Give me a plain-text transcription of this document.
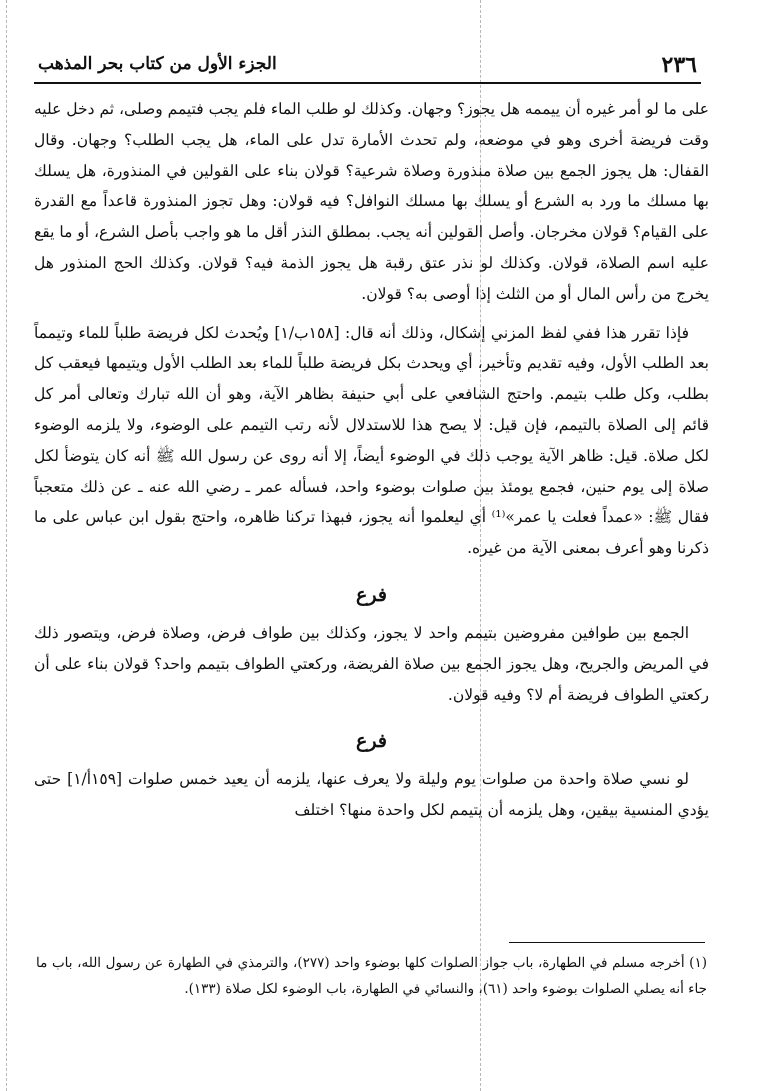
٢٣٦
الجزء الأول من كتاب بحر المذهب

على ما لو أمر غيره أن ييممه هل يجوز؟ وجهان. وكذلك لو طلب الماء فلم يجب فتيمم وصلى، ثم دخل عليه وقت فريضة أخرى وهو في موضعه، ولم تحدث الأمارة تدل على الماء، هل يجب الطلب؟ وجهان. وقال القفال: هل يجوز الجمع بين صلاة منذورة وصلاة شرعية؟ قولان بناء على القولين في المنذورة، هل يسلك بها مسلك ما ورد به الشرع أو يسلك بها مسلك النوافل؟ فيه قولان: وهل تجوز المنذورة قاعداً مع القدرة على القيام؟ قولان مخرجان. وأصل القولين أنه يجب. بمطلق النذر أقل ما هو واجب بأصل الشرع، أو ما يقع عليه اسم الصلاة، قولان. وكذلك لو نذر عتق رقبة هل يجوز الذمة فيه؟ قولان. وكذلك الحج المنذور هل يخرج من رأس المال أو من الثلث إذا أوصى به؟ قولان.

فإذا تقرر هذا ففي لفظ المزني إشكال، وذلك أنه قال: [١٥٨ب/١] ويُحدث لكل فريضة طلباً للماء وتيمماً بعد الطلب الأول، وفيه تقديم وتأخير، أي ويحدث بكل فريضة طلباً للماء بعد الطلب الأول ويتيمها فيعقب كل بطلب، وكل طلب بتيمم. واحتج الشافعي على أبي حنيفة بظاهر الآية، وهو أن الله تبارك وتعالى أمر كل قائم إلى الصلاة بالتيمم، فإن قيل: لا يصح هذا للاستدلال لأنه رتب التيمم على الوضوء، ولا يلزمه الوضوء لكل صلاة. قيل: ظاهر الآية يوجب ذلك في الوضوء أيضاً، إلا أنه روى عن رسول الله ﷺ أنه كان يتوضأ لكل صلاة إلى يوم حنين، فجمع يومئذ بين صلوات بوضوء واحد، فسأله عمر ـ رضي الله عنه ـ عن ذلك متعجباً فقال ﷺ: «عمداً فعلت يا عمر»⁽¹⁾ أي ليعلموا أنه يجوز، فبهذا تركنا ظاهره، واحتج بقول ابن عباس على ما ذكرنا وهو أعرف بمعنى الآية من غيره.

فرع

الجمع بين طوافين مفروضين بتيمم واحد لا يجوز، وكذلك بين طواف فرض، وصلاة فرض، ويتصور ذلك في المريض والجريح، وهل يجوز الجمع بين صلاة الفريضة، وركعتي الطواف بتيمم واحد؟ قولان بناء على أن ركعتي الطواف فريضة أم لا؟ وفيه قولان.

فرع

لو نسي صلاة واحدة من صلوات يوم وليلة ولا يعرف عنها، يلزمه أن يعيد خمس صلوات [١٥٩أ/١] حتى يؤدي المنسية بيقين، وهل يلزمه أن يتيمم لكل واحدة منها؟ اختلف

(١) أخرجه مسلم في الطهارة، باب جواز الصلوات كلها بوضوء واحد (٢٧٧)، والترمذي في الطهارة عن رسول الله، باب ما جاء أنه يصلي الصلوات بوضوء واحد (٦١)، والنسائي في الطهارة، باب الوضوء لكل صلاة (١٣٣).
